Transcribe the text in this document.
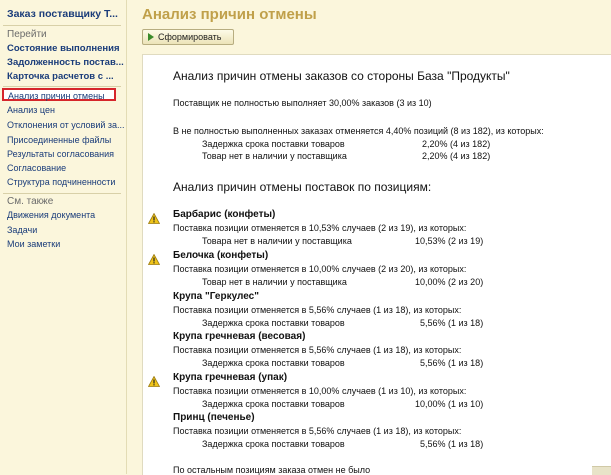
Заказ поставщику Т...
Перейти
Состояние выполнения
Задолженность постав...
Карточка расчетов с ...
Анализ причин отмены
Анализ цен
Отклонения от условий за...
Присоединенные файлы
Результаты согласования
Согласование
Структура подчиненности
См. также
Движения документа
Задачи
Мои заметки
Анализ причин отмены
Сформировать
Анализ причин отмены заказов со стороны База "Продукты"
Поставщик не полностью выполняет 30,00% заказов (3 из 10)
В не полностью выполненных заказах отменяется 4,40% позиций (8 из 182), из которых:
Задержка срока поставки товаров	2,20% (4 из 182)
Товар нет в наличии у поставщика	2,20% (4 из 182)
Анализ причин отмены поставок по позициям:
Барбарис (конфеты)
Поставка позиции отменяется в 10,53% случаев (2 из 19), из которых:
Товара нет в наличии у поставщика	10,53% (2 из 19)
Белочка (конфеты)
Поставка позиции отменяется в 10,00% случаев (2 из 20), из которых:
Товар нет в наличии у поставщика	10,00% (2 из 20)
Крупа "Геркулес"
Поставка позиции отменяется в 5,56% случаев (1 из 18), из которых:
Задержка срока поставки товаров	5,56% (1 из 18)
Крупа гречневая (весовая)
Поставка позиции отменяется в 5,56% случаев (1 из 18), из которых:
Задержка срока поставки товаров	5,56% (1 из 18)
Крупа гречневая (упак)
Поставка позиции отменяется в 10,00% случаев (1 из 10), из которых:
Задержка срока поставки товаров	10,00% (1 из 10)
Принц (печенье)
Поставка позиции отменяется в 5,56% случаев (1 из 18), из которых:
Задержка срока поставки товаров	5,56% (1 из 18)
По остальным позициям заказа отмен не было
